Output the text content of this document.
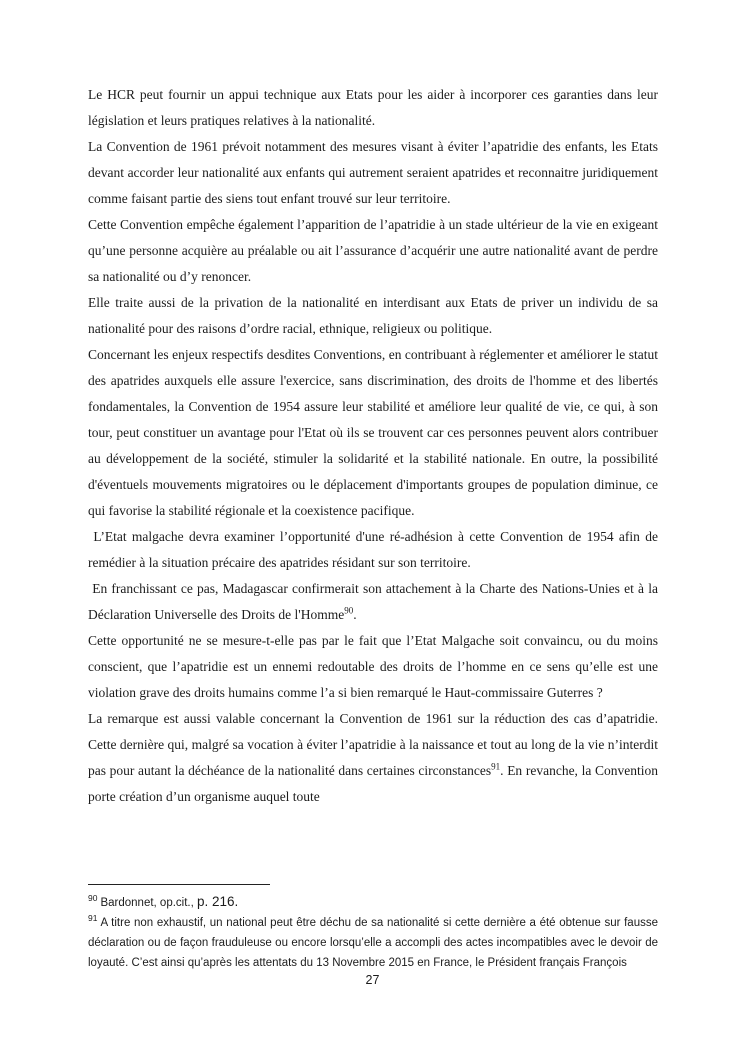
Le HCR peut fournir un appui technique aux Etats pour les aider à incorporer ces garanties dans leur législation et leurs pratiques relatives à la nationalité.

La Convention de 1961 prévoit notamment des mesures visant à éviter l’apatridie des enfants, les Etats devant accorder leur nationalité aux enfants qui autrement seraient apatrides et reconnaitre juridiquement comme faisant partie des siens tout enfant trouvé sur leur territoire.

Cette Convention empêche également l’apparition de l’apatridie à un stade ultérieur de la vie en exigeant qu’une personne acquière au préalable ou ait l’assurance d’acquérir une autre nationalité avant de perdre sa nationalité ou d’y renoncer.

Elle traite aussi de la privation de la nationalité en interdisant aux Etats de priver un individu de sa nationalité pour des raisons d’ordre racial, ethnique, religieux ou politique.

Concernant les enjeux respectifs desdites Conventions, en contribuant à réglementer et améliorer le statut des apatrides auxquels elle assure l'exercice, sans discrimination, des droits de l'homme et des libertés fondamentales, la Convention de 1954 assure leur stabilité et améliore leur qualité de vie, ce qui, à son tour, peut constituer un avantage pour l'Etat où ils se trouvent car ces personnes peuvent alors contribuer au développement de la société, stimuler la solidarité et la stabilité nationale. En outre, la possibilité d'éventuels mouvements migratoires ou le déplacement d'importants groupes de population diminue, ce qui favorise la stabilité régionale et la coexistence pacifique.

L’Etat malgache devra examiner l’opportunité d'une ré-adhésion à cette Convention de 1954 afin de remédier à la situation précaire des apatrides résidant sur son territoire.

En franchissant ce pas, Madagascar confirmerait son attachement à la Charte des Nations-Unies et à la Déclaration Universelle des Droits de l'Homme$^{90}$.

Cette opportunité ne se mesure-t-elle pas par le fait que l’Etat Malgache soit convaincu, ou du moins conscient, que l’apatridie est un ennemi redoutable des droits de l’homme en ce sens qu’elle est une violation grave des droits humains comme l’a si bien remarqué le Haut-commissaire Guterres ?

La remarque est aussi valable concernant la Convention de 1961 sur la réduction des cas d’apatridie. Cette dernière qui, malgré sa vocation à éviter l’apatridie à la naissance et tout au long de la vie n’interdit pas pour autant la déchéance de la nationalité dans certaines circonstances$^{91}$. En revanche, la Convention porte création d’un organisme auquel toute

$^{90}$ Bardonnet, op.cit., p. 216.

$^{91}$ A titre non exhaustif, un national peut être déchu de sa nationalité si cette dernière a été obtenue sur fausse déclaration ou de façon frauduleuse ou encore lorsqu’elle a accompli des actes incompatibles avec le devoir de loyauté. C’est ainsi qu’après les attentats du 13 Novembre 2015 en France, le Président français François

27
